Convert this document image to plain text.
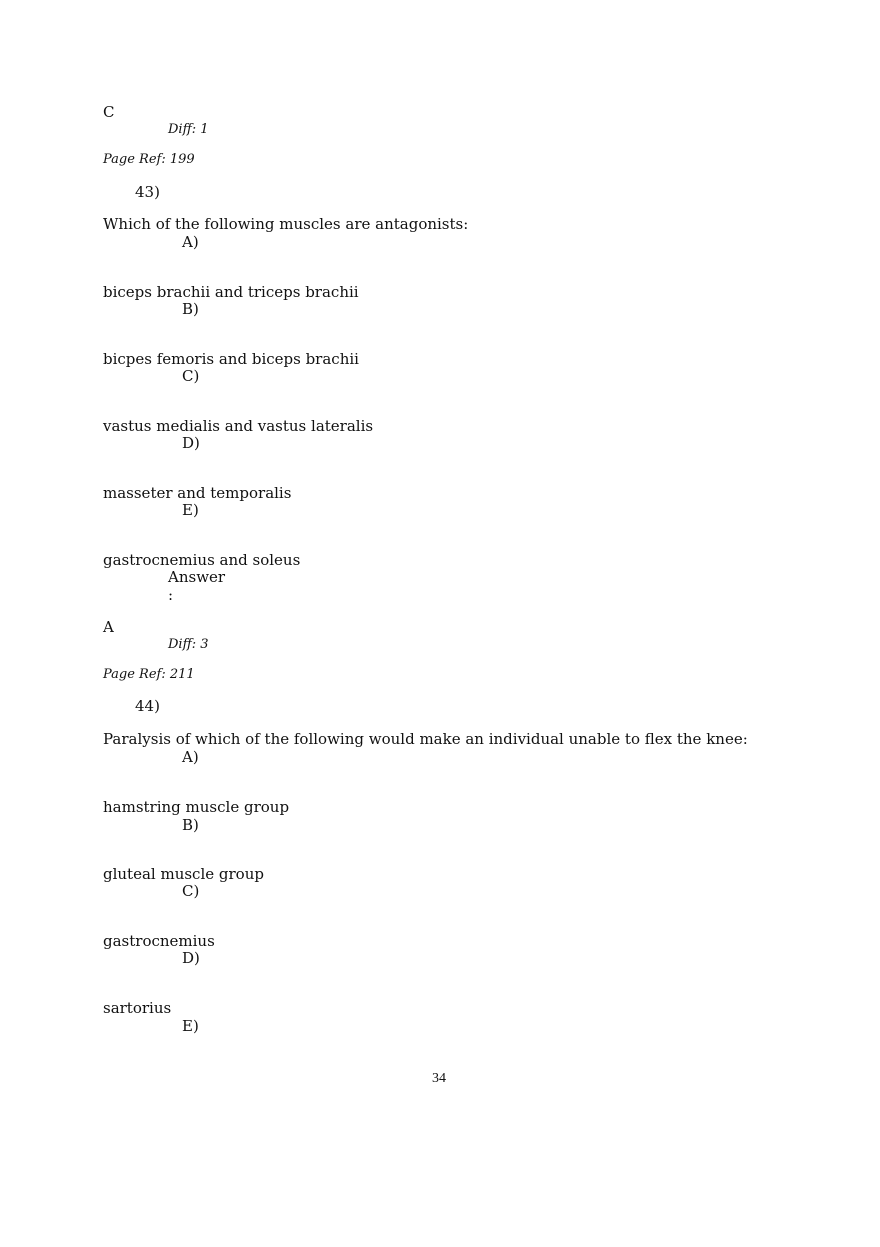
C
Diff: 1
Page Ref: 199
43)
Which of the following muscles are antagonists:
A)
biceps brachii and triceps brachii
B)
bicpes femoris and biceps brachii
C)
vastus medialis and vastus lateralis
D)
masseter and temporalis
E)
gastrocnemius and soleus
Answer
:
A
Diff: 3
Page Ref: 211
44)
Paralysis of which of the following would make an individual unable to flex the knee:
A)
hamstring muscle group
B)
gluteal muscle group
C)
gastrocnemius
D)
sartorius
E)
34
